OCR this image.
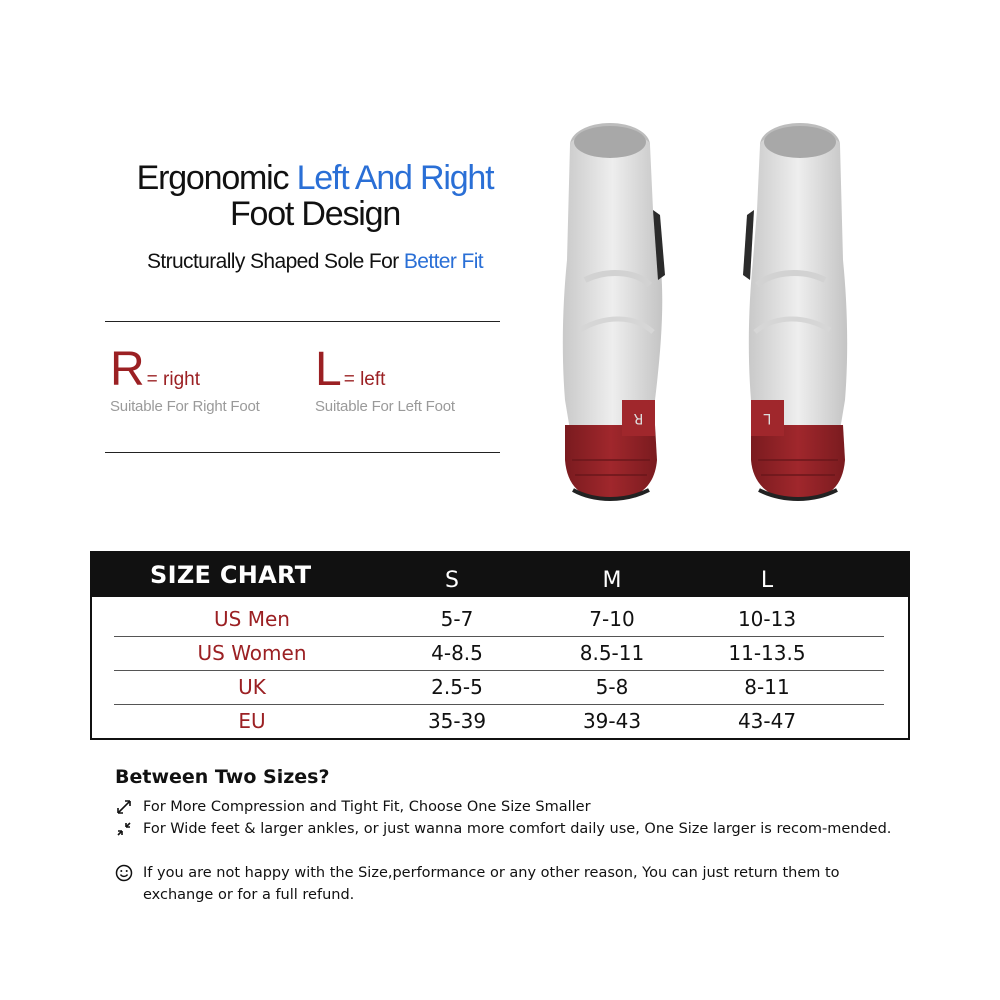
Ergonomic Left And Right
Foot Design
Structurally Shaped Sole For Better Fit
R = right
Suitable For Right Foot
L = left
Suitable For Left Foot
R	L
SIZE CHART	S	M	L
US Men	5-7	7-10	10-13
US Women	4-8.5	8.5-11	11-13.5
UK	2.5-5	5-8	8-11
EU	35-39	39-43	43-47
Between Two Sizes?
For More Compression and Tight Fit, Choose One Size Smaller
For Wide feet & larger ankles, or just wanna more comfort daily use, One Size larger is recom-mended.
If you are not happy with the Size,performance or any other reason, You can just return them to exchange or for a full refund.
